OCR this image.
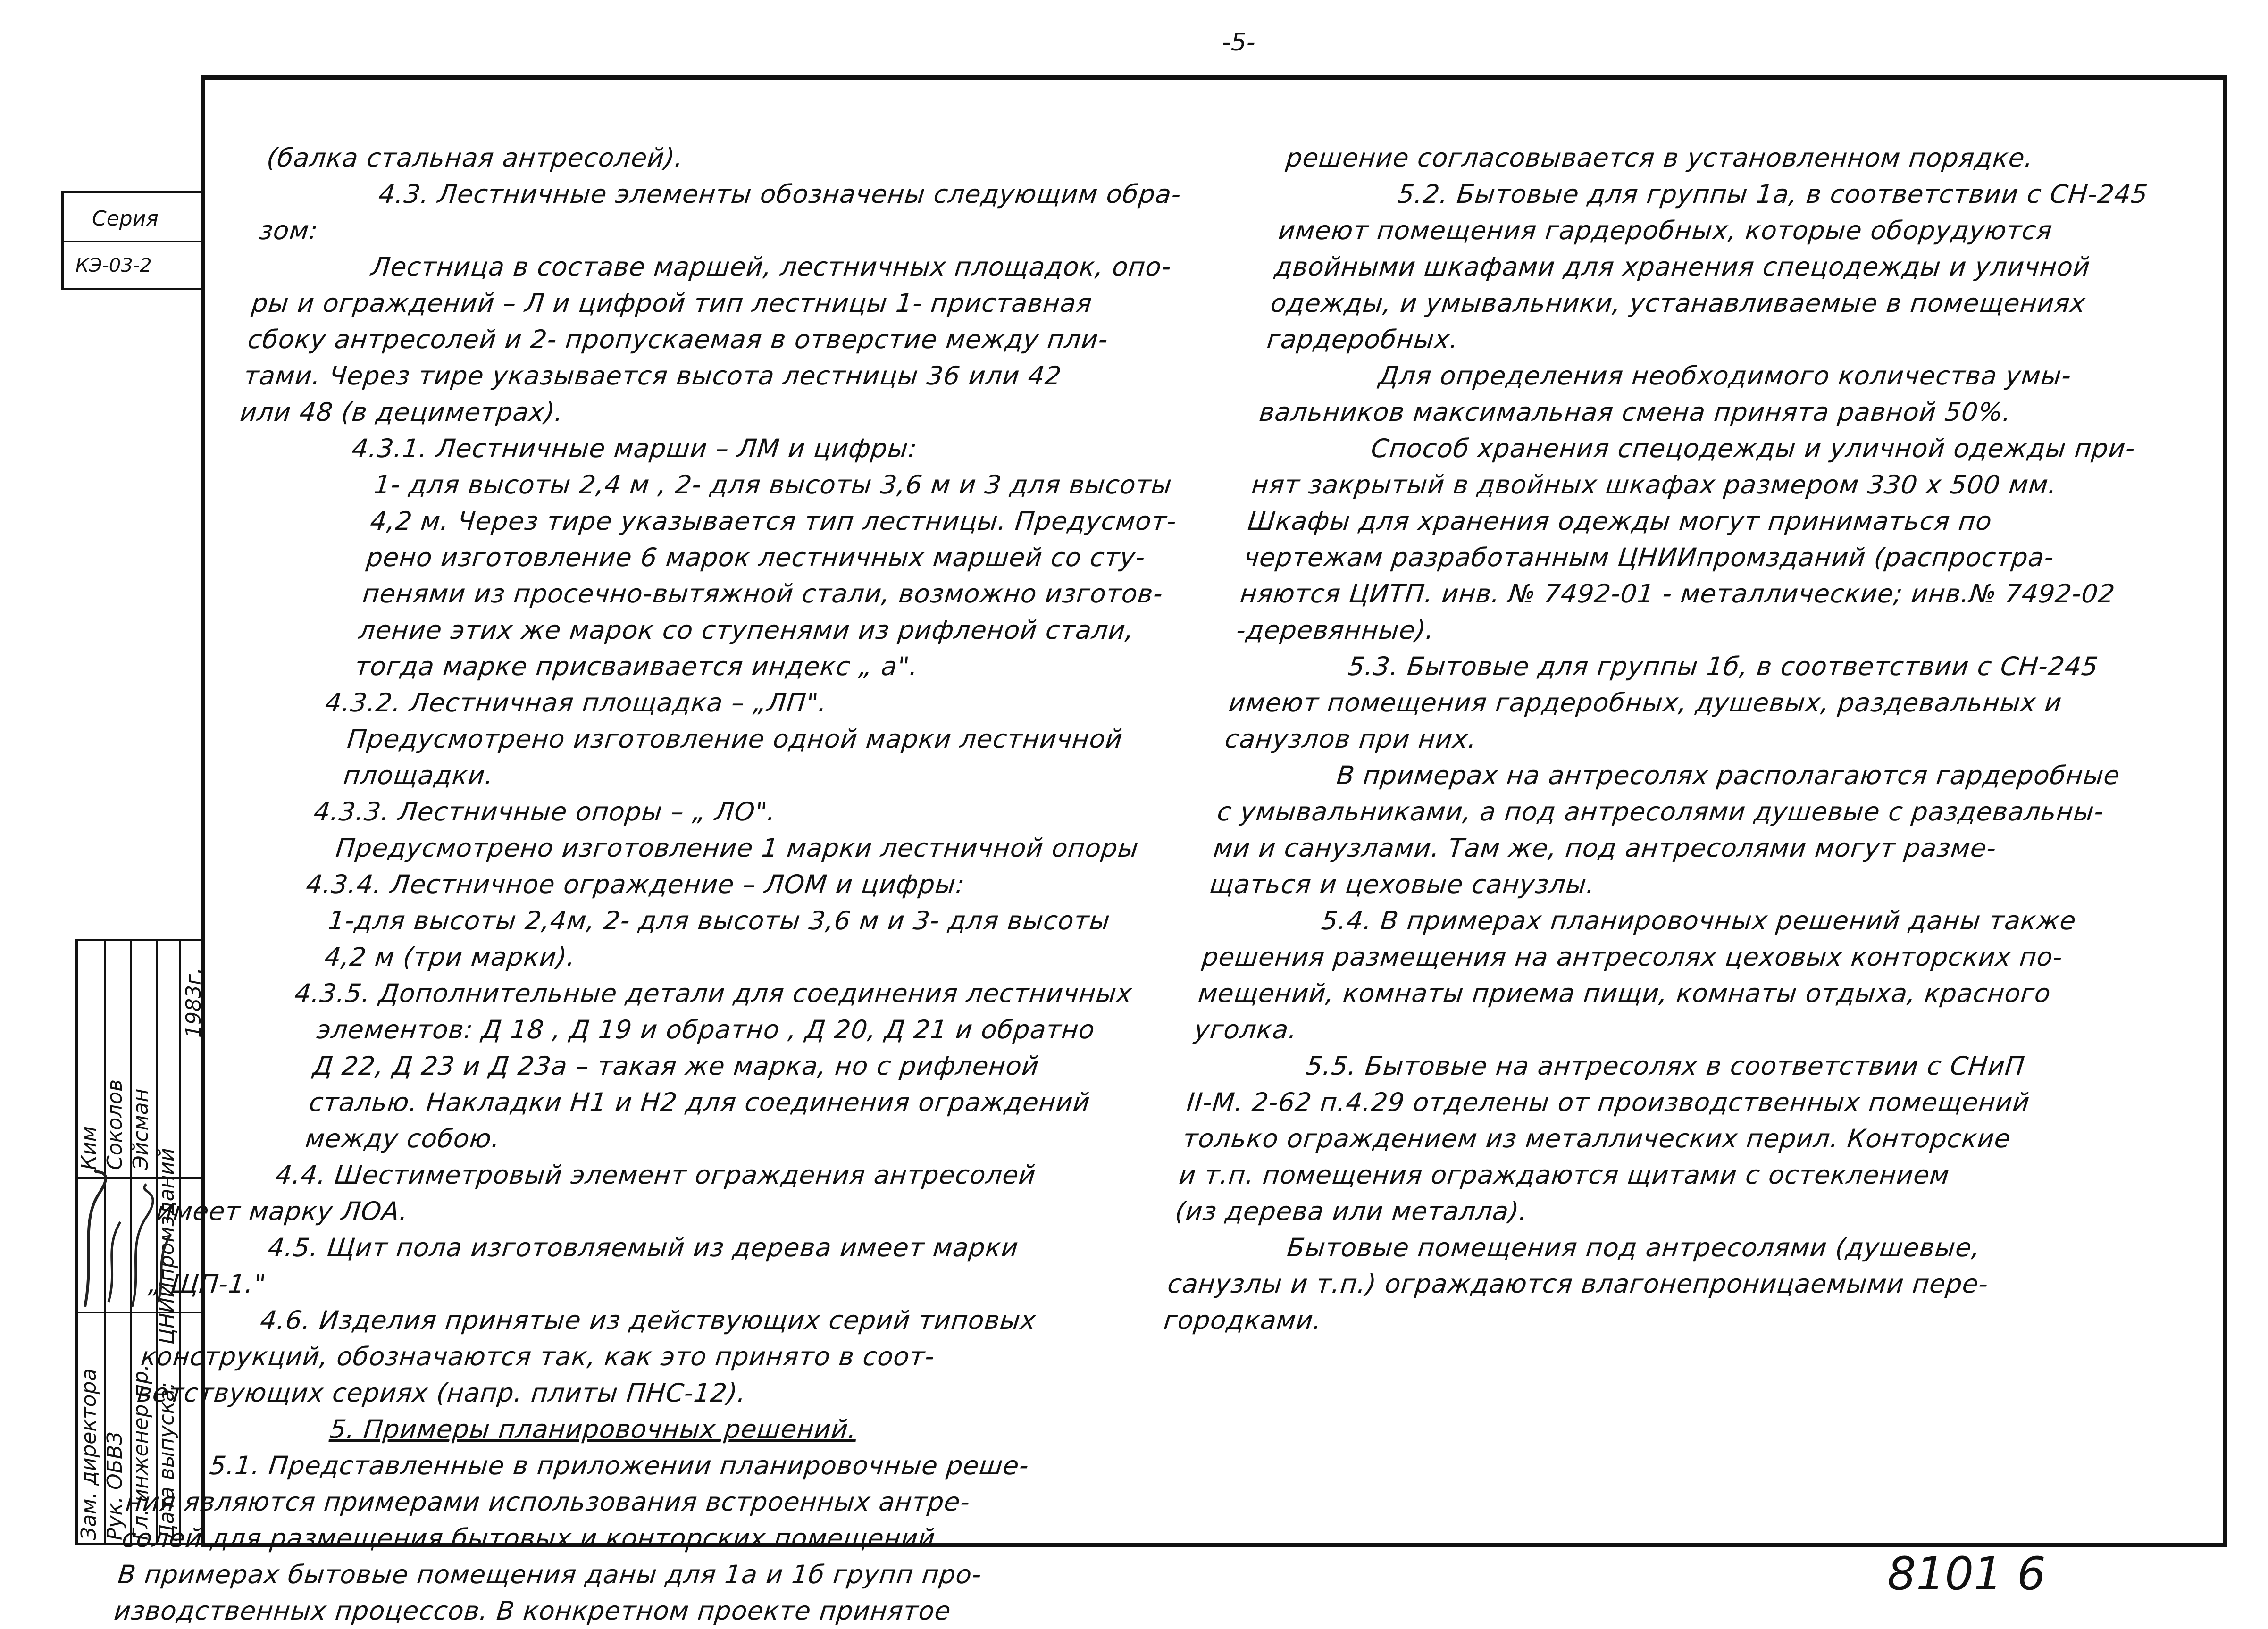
-5-
Серия
КЭ-03-2
Зам. директора Рук. ОБВЗ Гл. инженер пр. Дата выпуска:
Ким Соколов Эйсман
ЦНИИпромзданий
1983г.

(балка стальная антресолей).

4.3. Лестничные элементы обозначены следующим обра-

зом:

Лестница в составе маршей, лестничных площадок, опо-

ры и ограждений – Л и цифрой тип лестницы 1- приставная

сбоку антресолей и 2- пропускаемая в отверстие между пли-

тами. Через тире указывается высота лестницы 36 или 42

или 48 (в дециметрах).

4.3.1. Лестничные марши – ЛМ и цифры:

1- для высоты 2,4 м , 2- для высоты 3,6 м и 3 для высоты

4,2 м. Через тире указывается тип лестницы. Предусмот-

рено изготовление 6 марок лестничных маршей со сту-

пенями из просечно-вытяжной стали, возможно изготов-

ление этих же марок со ступенями из рифленой стали,

тогда марке присваивается индекс „ а".

4.3.2. Лестничная площадка – „ЛП".

Предусмотрено изготовление одной марки лестничной

площадки.

4.3.3. Лестничные опоры – „ ЛО".

Предусмотрено изготовление 1 марки лестничной опоры

4.3.4. Лестничное ограждение – ЛОМ и цифры:

1-для высоты 2,4м, 2- для высоты 3,6 м и 3- для высоты

4,2 м (три марки).

4.3.5. Дополнительные детали для соединения лестничных

элементов: Д 18 , Д 19 и обратно , Д 20, Д 21 и обратно

Д 22, Д 23 и Д 23а – такая же марка, но с рифленой

сталью. Накладки Н1 и Н2 для соединения ограждений

между собою.

4.4. Шестиметровый элемент ограждения антресолей

имеет марку ЛОА.

4.5. Щит пола изготовляемый из дерева имеет марки

„ ЩП-1."

4.6. Изделия принятые из действующих серий типовых

конструкций, обозначаются так, как это принято в соот-

ветствующих сериях (напр. плиты ПНС-12).

5. Примеры планировочных решений.

5.1. Представленные в приложении планировочные реше-

ния являются примерами использования встроенных антре-

солей для размещения бытовых и конторских помещений.

В примерах бытовые помещения даны для 1а и 1б групп про-

изводственных процессов. В конкретном проекте принятое

решение согласовывается в установленном порядке.

5.2. Бытовые для группы 1а, в соответствии с СН-245

имеют помещения гардеробных, которые оборудуются

двойными шкафами для хранения спецодежды и уличной

одежды, и умывальники, устанавливаемые в помещениях

гардеробных.

Для определения необходимого количества умы-

вальников максимальная смена принята равной 50%.

Способ хранения спецодежды и уличной одежды при-

нят закрытый в двойных шкафах размером 330 х 500 мм.

Шкафы для хранения одежды могут приниматься по

чертежам разработанным ЦНИИпромзданий (распростра-

няются ЦИТП. инв. № 7492-01 - металлические; инв.№ 7492-02

-деревянные).

5.3. Бытовые для группы 1б, в соответствии с СН-245

имеют помещения гардеробных, душевых, раздевальных и

санузлов при них.

В примерах на антресолях располагаются гардеробные

с умывальниками, а под антресолями душевые с раздевальны-

ми и санузлами. Там же, под антресолями могут разме-

щаться и цеховые санузлы.

5.4. В примерах планировочных решений даны также

решения размещения на антресолях цеховых конторских по-

мещений, комнаты приема пищи, комнаты отдыха, красного

уголка.

5.5. Бытовые на антресолях в соответствии с СНиП

II-М. 2-62 п.4.29 отделены от производственных помещений

только ограждением из металлических перил. Конторские

и т.п. помещения ограждаются щитами с остеклением

(из дерева или металла).

Бытовые помещения под антресолями (душевые,

санузлы и т.п.) ограждаются влагонепроницаемыми пере-

городками.

8101 6
